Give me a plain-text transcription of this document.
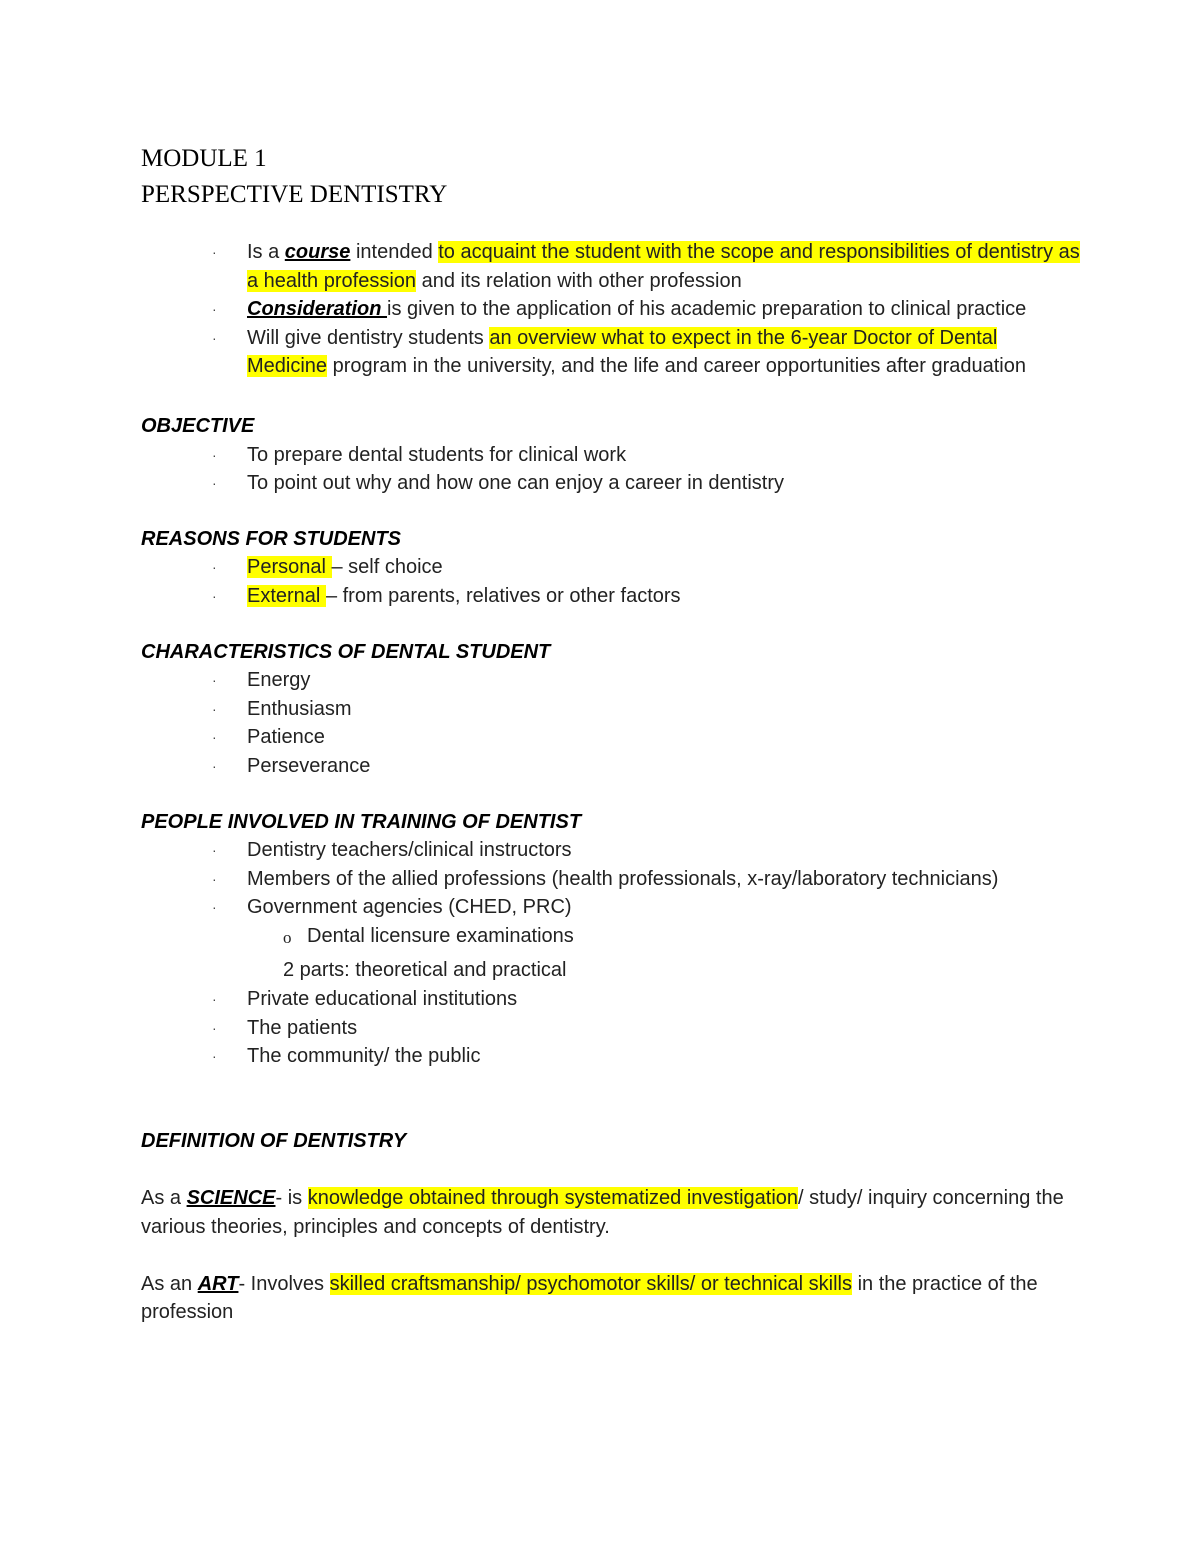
MODULE 1
PERSPECTIVE DENTISTRY
· Is a course intended to acquaint the student with the scope and responsibilities of dentistry as a health profession and its relation with other profession
· Consideration is given to the application of his academic preparation to clinical practice
· Will give dentistry students an overview what to expect in the 6-year Doctor of Dental Medicine program in the university, and the life and career opportunities after graduation

OBJECTIVE

· To prepare dental students for clinical work
· To point out why and how one can enjoy a career in dentistry

REASONS FOR STUDENTS

· Personal – self choice
· External – from parents, relatives or other factors

CHARACTERISTICS OF DENTAL STUDENT

· Energy
· Enthusiasm
· Patience
· Perseverance

PEOPLE INVOLVED IN TRAINING OF DENTIST

· Dentistry teachers/clinical instructors
· Members of the allied professions (health professionals, x-ray/laboratory technicians)
· Government agencies (CHED, PRC)
o Dental licensure examinations
2 parts: theoretical and practical
· Private educational institutions
· The patients
· The community/ the public

DEFINITION OF DENTISTRY

As a SCIENCE- is knowledge obtained through systematized investigation/ study/ inquiry concerning the various theories, principles and concepts of dentistry.

As an ART- Involves skilled craftsmanship/ psychomotor skills/ or technical skills in the practice of the profession
